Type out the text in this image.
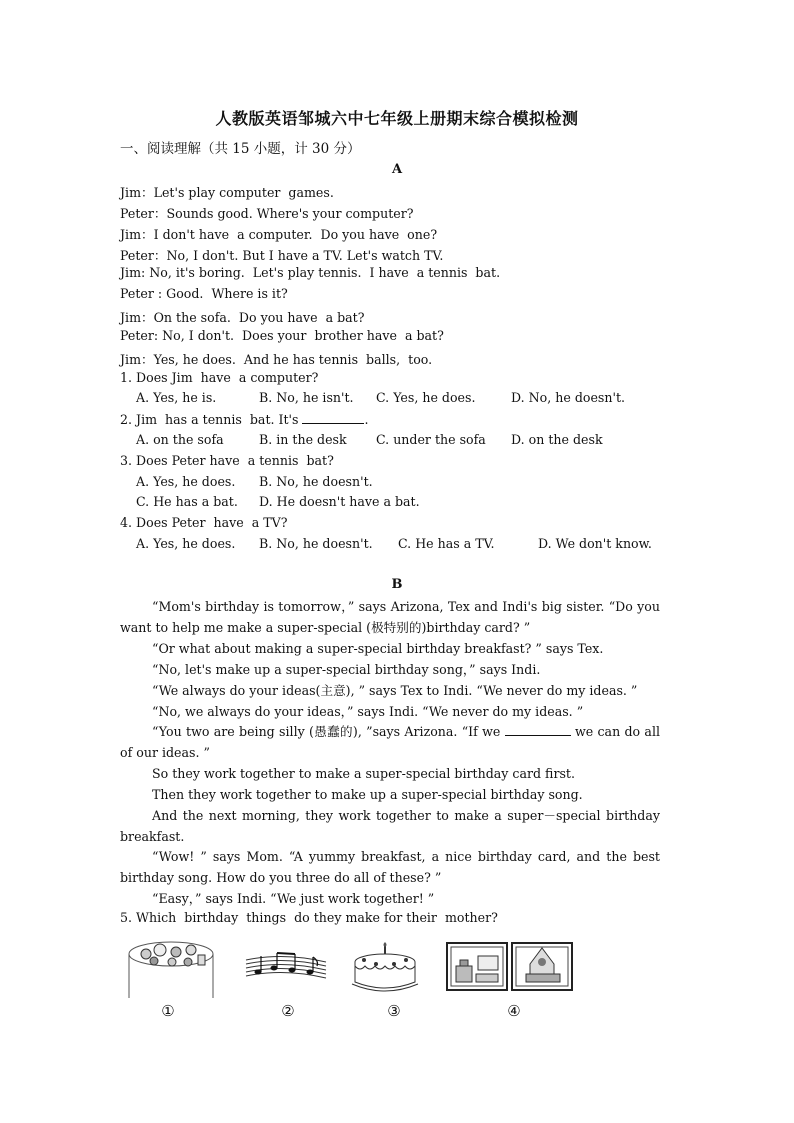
人教版英语邹城六中七年级上册期末综合模拟检测
一、阅读理解（共 15 小题，计 30 分）
A
Jim：Let's play computer  games.
Peter：Sounds good. Where's your computer?
Jim：I don't have  a computer.  Do you have  one?
Peter：No, I don't. But I have a TV. Let's watch TV.
Jim: No, it's boring.  Let's play tennis.  I have  a tennis  bat.
Peter : Good.  Where is it?
Jim：On the sofa.  Do you have  a bat?
Peter: No, I don't.  Does your  brother have  a bat?
Jim：Yes, he does.  And he has tennis  balls,  too.
1. Does Jim  have  a computer?
A. Yes, he is.	B. No, he isn't. C. Yes, he does.	D. No, he doesn't.
2. Jim  has a tennis  bat. It's	.
A. on the sofa	B. in the desk C. under the sofa D. on the desk
3. Does Peter have  a tennis  bat?
A. Yes, he does. B. No, he doesn't.
C. He has a bat. D. He doesn't have a bat.
4. Does Peter  have  a TV?
A. Yes, he does. B. No, he doesn't. C. He has a TV.	D. We don't know.
B
“Mom's birthday is tomorrow，” says Arizona, Tex and Indi's big sister. “Do you want to help me make a super-special (极特别的)birthday card? ”
“Or what about making a super-special birthday breakfast? ” says Tex.
“No, let's make up a super-special birthday song，” says Indi.
“We always do your ideas(主意), ” says Tex to Indi. “We never do my ideas. ”
“No, we always do your ideas，” says Indi. “We never do my ideas. ”
“You two are being silly (愚蠢的), ”says Arizona. “If we	we can do all of our ideas. ”
So they work together to make a super-special birthday card first.
Then they work together to make up a super-special birthday song.
And the next morning, they work together to make a super－special birthday breakfast.
“Wow! ” says Mom. “A yummy breakfast, a nice birthday card, and the best birthday song. How do you three do all of these? ”
“Easy，” says Indi. “We just work together! ”
5. Which  birthday  things  do they make for their  mother?
①	②	③	④
